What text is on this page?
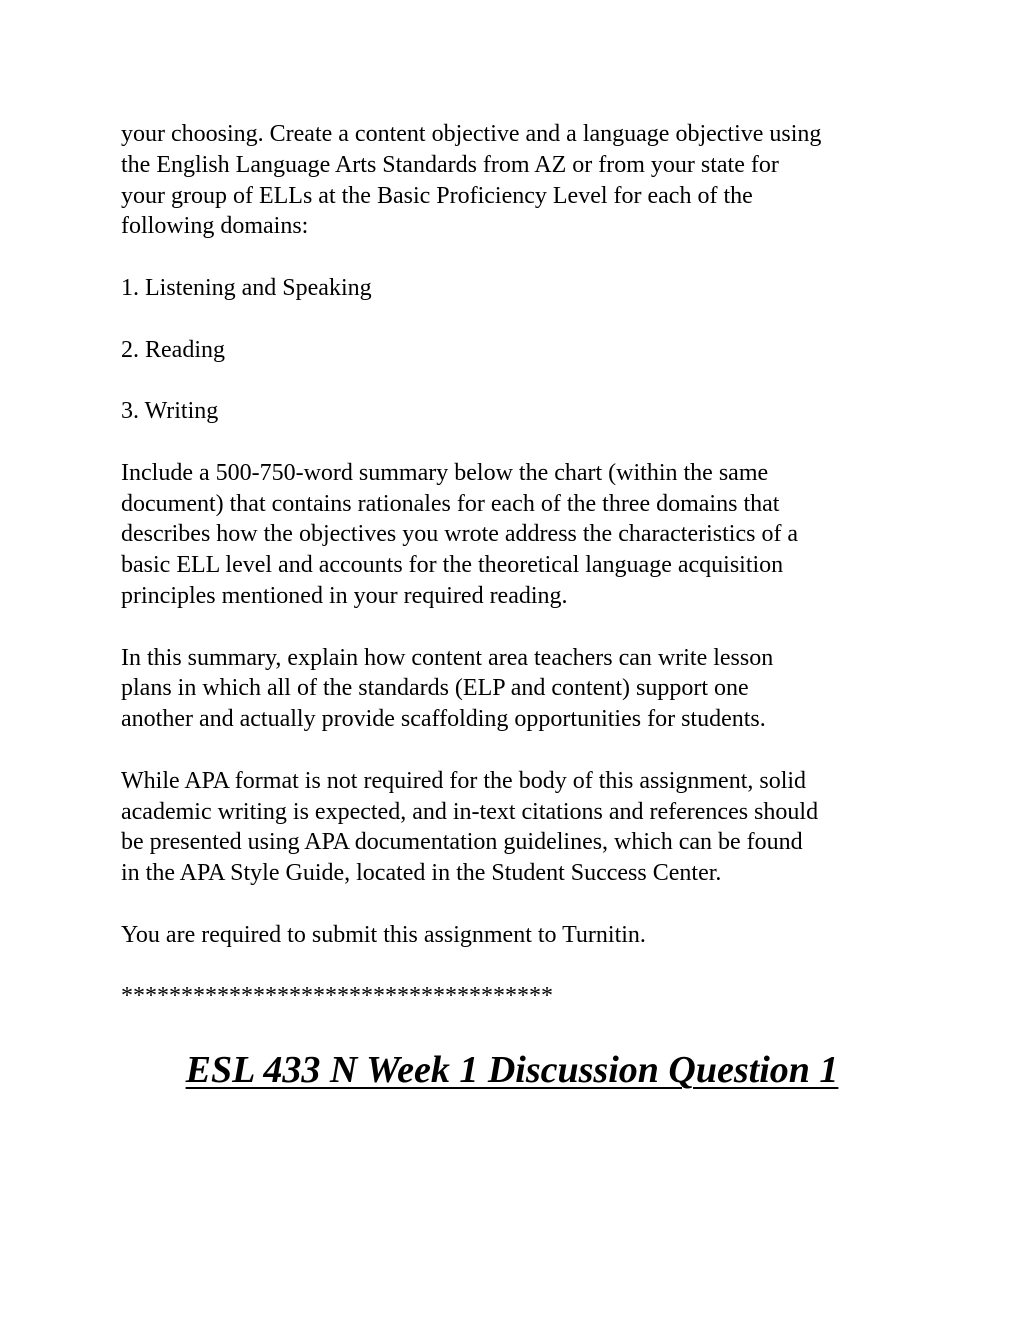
your choosing. Create a content objective and a language objective using
the English Language Arts Standards from AZ or from your state for
your group of ELLs at the Basic Proficiency Level for each of the
following domains:
1. Listening and Speaking
2. Reading
3. Writing
Include a 500-750-word summary below the chart (within the same
document) that contains rationales for each of the three domains that
describes how the objectives you wrote address the characteristics of a
basic ELL level and accounts for the theoretical language acquisition
principles mentioned in your required reading.
In this summary, explain how content area teachers can write lesson
plans in which all of the standards (ELP and content) support one
another and actually provide scaffolding opportunities for students.
While APA format is not required for the body of this assignment, solid
academic writing is expected, and in-text citations and references should
be presented using APA documentation guidelines, which can be found
in the APA Style Guide, located in the Student Success Center.
You are required to submit this assignment to Turnitin.
************************************
ESL 433 N Week 1 Discussion Question 1
